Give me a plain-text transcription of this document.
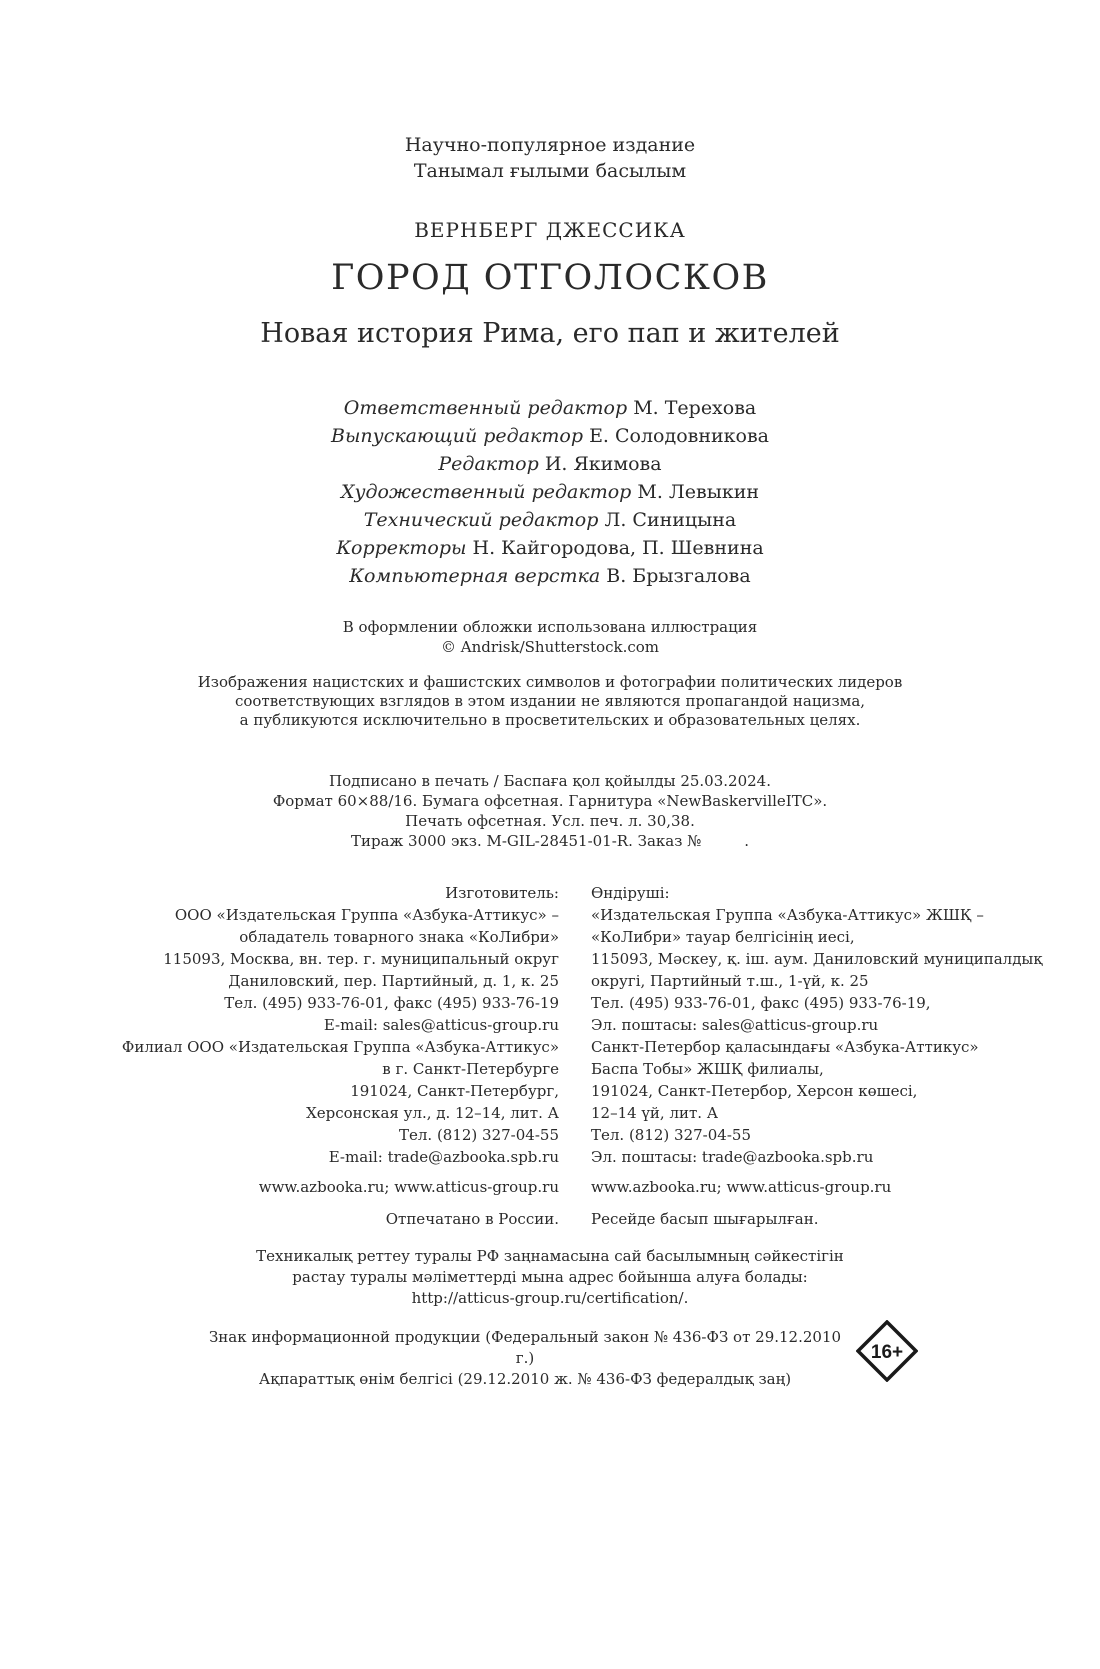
Научно-популярное издание
Танымал ғылыми басылым
ВЕРНБЕРГ ДЖЕССИКА
ГОРОД ОТГОЛОСКОВ
Новая история Рима, его пап и жителей
Ответственный редактор М. Терехова
Выпускающий редактор Е. Солодовникова
Редактор И. Якимова
Художественный редактор М. Левыкин
Технический редактор Л. Синицына
Корректоры Н. Кайгородова, П. Шевнина
Компьютерная верстка В. Брызгалова
В оформлении обложки использована иллюстрация
© Andrisk/Shutterstock.com
Изображения нацистских и фашистских символов и фотографии политических лидеров
соответствующих взглядов в этом издании не являются пропагандой нацизма,
а публикуются исключительно в просветительских и образовательных целях.
Подписано в печать / Баспаға қол қойылды 25.03.2024.
Формат 60×88/16. Бумага офсетная. Гарнитура «NewBaskervilleITC».
Печать офсетная. Усл. печ. л. 30,38.
Тираж 3000 экз. M-GIL-28451-01-R. Заказ №         .
Изготовитель:
ООО «Издательская Группа «Азбука-Аттикус» –
обладатель товарного знака «КоЛибри»
115093, Москва, вн. тер. г. муниципальный округ
Даниловский, пер. Партийный, д. 1, к. 25
Тел. (495) 933-76-01, факс (495) 933-76-19
E-mail: sales@atticus-group.ru
Өндіруші:
«Издательская Группа «Азбука-Аттикус» ЖШҚ –
«КоЛибри» тауар белгісінің иесі,
115093, Мәскеу, қ. іш. аум. Даниловский муниципалдық
округі, Партийный т.ш., 1-үй, к. 25
Тел. (495) 933-76-01, факс (495) 933-76-19,
Эл. поштасы: sales@atticus-group.ru
Филиал ООО «Издательская Группа «Азбука-Аттикус»
в г. Санкт-Петербурге
191024, Санкт-Петербург,
Херсонская ул., д. 12–14, лит. А
Тел. (812) 327-04-55
E-mail: trade@azbooka.spb.ru
Санкт-Петербор қаласындағы «Азбука-Аттикус»
Баспа Тобы» ЖШҚ филиалы,
191024, Санкт-Петербор, Херсон көшесі,
12–14 үй, лит. А
Тел. (812) 327-04-55
Эл. поштасы: trade@azbooka.spb.ru
www.azbooka.ru; www.atticus-group.ru www.azbooka.ru; www.atticus-group.ru
Отпечатано в России. Ресейде басып шығарылған.
Техникалық реттеу туралы РФ заңнамасына сай басылымның сәйкестігін
растау туралы мәліметтерді мына адрес бойынша алуға болады:
http://atticus-group.ru/certification/.
Знак информационной продукции (Федеральный закон № 436-ФЗ от 29.12.2010 г.)
Ақпараттық өнім белгісі (29.12.2010 ж. № 436-ФЗ федералдық заң)
16+
